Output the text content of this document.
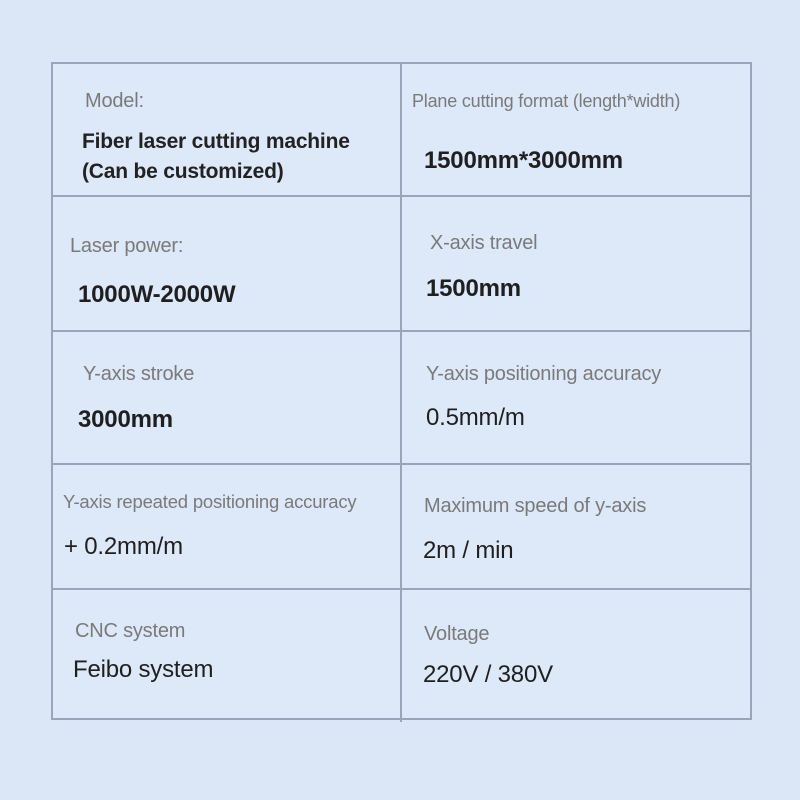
Model:
Fiber laser cutting machine
(Can be customized)
Plane cutting format (length*width)
1500mm*3000mm
Laser power:
1000W-2000W
X-axis travel
1500mm
Y-axis stroke
3000mm
Y-axis positioning accuracy
0.5mm/m
Y-axis repeated positioning accuracy
+ 0.2mm/m
Maximum speed of y-axis
2m / min
CNC system
Feibo system
Voltage
220V / 380V
